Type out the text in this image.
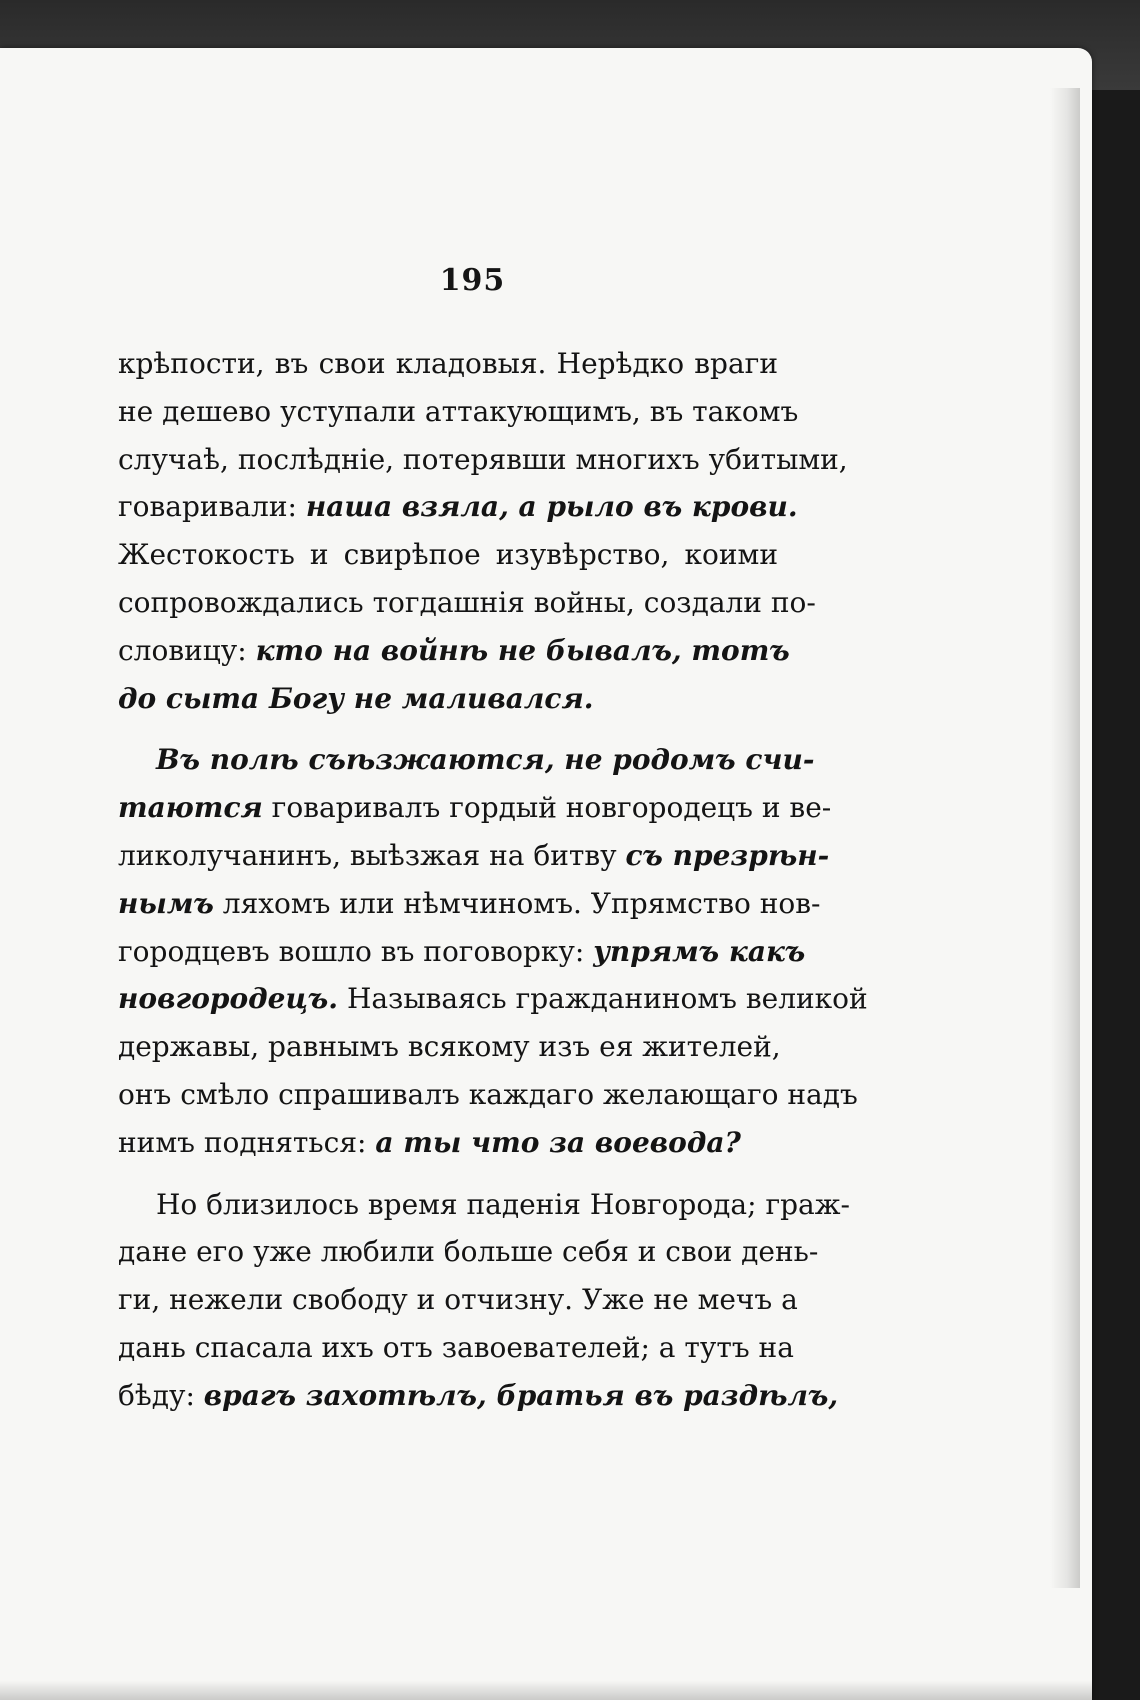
195
крѣпости, въ свои кладовыя. Нерѣдко враги
не дешево уступали аттакующимъ, въ такомъ
случаѣ, послѣдніе, потерявши многихъ убитыми,
говаривали: наша взяла, а рыло въ крови.
Жестокость и свирѣпое изувѣрство, коими
сопровождались тогдашнія войны, создали по-
словицу: кто на войнѣ не бывалъ, тотъ
до сыта Богу не маливался.
Въ полѣ съѣзжаются, не родомъ счи-
таются говаривалъ гордый новгородецъ и ве-
ликолучанинъ, выѣзжая на битву съ презрѣн-
нымъ ляхомъ или нѣмчиномъ. Упрямство нов-
городцевъ вошло въ поговорку: упрямъ какъ
новгородецъ. Называясь гражданиномъ великой
державы, равнымъ всякому изъ ея жителей,
онъ смѣло спрашивалъ каждаго желающаго надъ
нимъ подняться: а ты что за воевода?
Но близилось время паденія Новгорода; граж-
дане его уже любили больше себя и свои день-
ги, нежели свободу и отчизну. Уже не мечъ а
дань спасала ихъ отъ завоевателей; а тутъ на
бѣду: врагъ захотѣлъ, братья въ раздѣлъ,
